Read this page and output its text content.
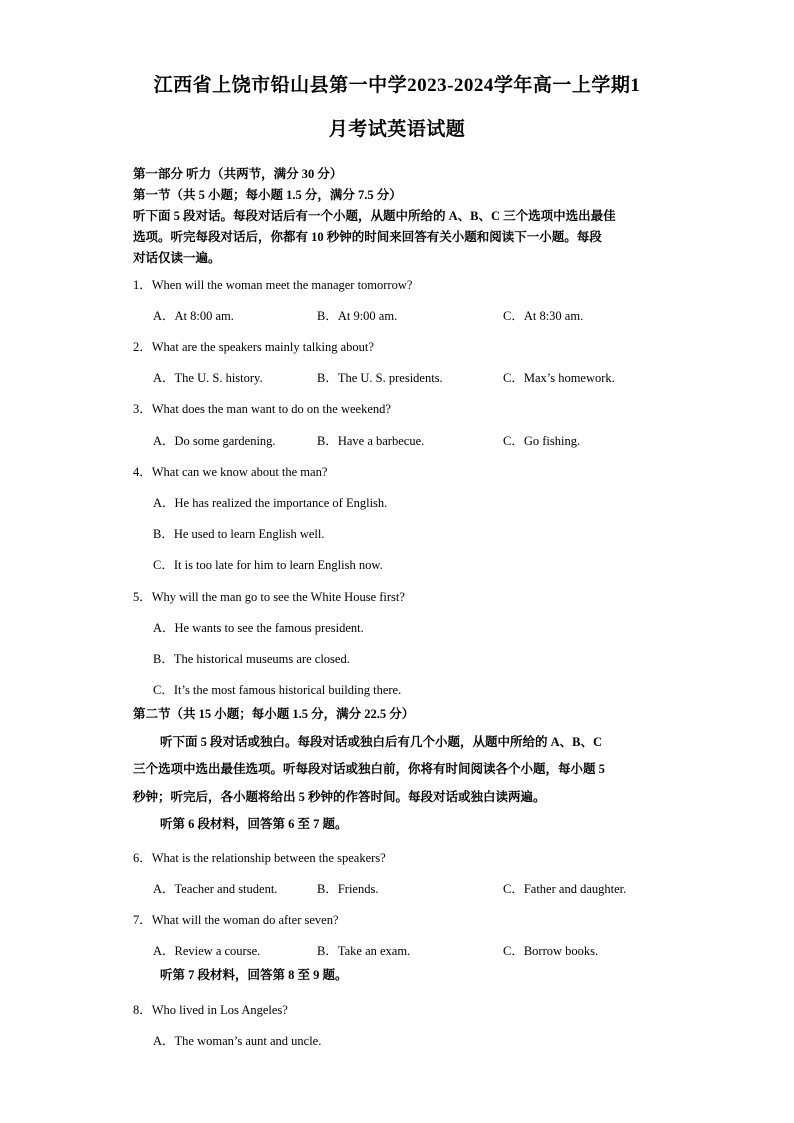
江西省上饶市铅山县第一中学2023-2024学年高一上学期1
月考试英语试题
第一部分 听力（共两节，满分 30 分）
第一节（共 5 小题；每小题 1.5 分，满分 7.5 分）
听下面 5 段对话。每段对话后有一个小题，从题中所给的 A、B、C 三个选项中选出最佳
选项。听完每段对话后，你都有 10 秒钟的时间来回答有关小题和阅读下一小题。每段
对话仅读一遍。
1．When will the woman meet the manager tomorrow?
A．At 8:00 am.	B．At 9:00 am.	C．At 8:30 am.
2．What are the speakers mainly talking about?
A．The U. S. history.	B．The U. S. presidents.	C．Max’s homework.
3．What does the man want to do on the weekend?
A．Do some gardening.	B．Have a barbecue.	C．Go fishing.
4．What can we know about the man?
A．He has realized the importance of English.
B．He used to learn English well.
C．It is too late for him to learn English now.
5．Why will the man go to see the White House first?
A．He wants to see the famous president.
B．The historical museums are closed.
C．It’s the most famous historical building there.
第二节（共 15 小题；每小题 1.5 分，满分 22.5 分）
听下面 5 段对话或独白。每段对话或独白后有几个小题，从题中所给的 A、B、C
三个选项中选出最佳选项。听每段对话或独白前，你将有时间阅读各个小题，每小题 5
秒钟；听完后，各小题将给出 5 秒钟的作答时间。每段对话或独白读两遍。
听第 6 段材料，回答第 6 至 7 题。
6．What is the relationship between the speakers?
A．Teacher and student.	B．Friends.	C．Father and daughter.
7．What will the woman do after seven?
A．Review a course.	B．Take an exam.	C．Borrow books.
听第 7 段材料，回答第 8 至 9 题。
8．Who lived in Los Angeles?
A．The woman’s aunt and uncle.
